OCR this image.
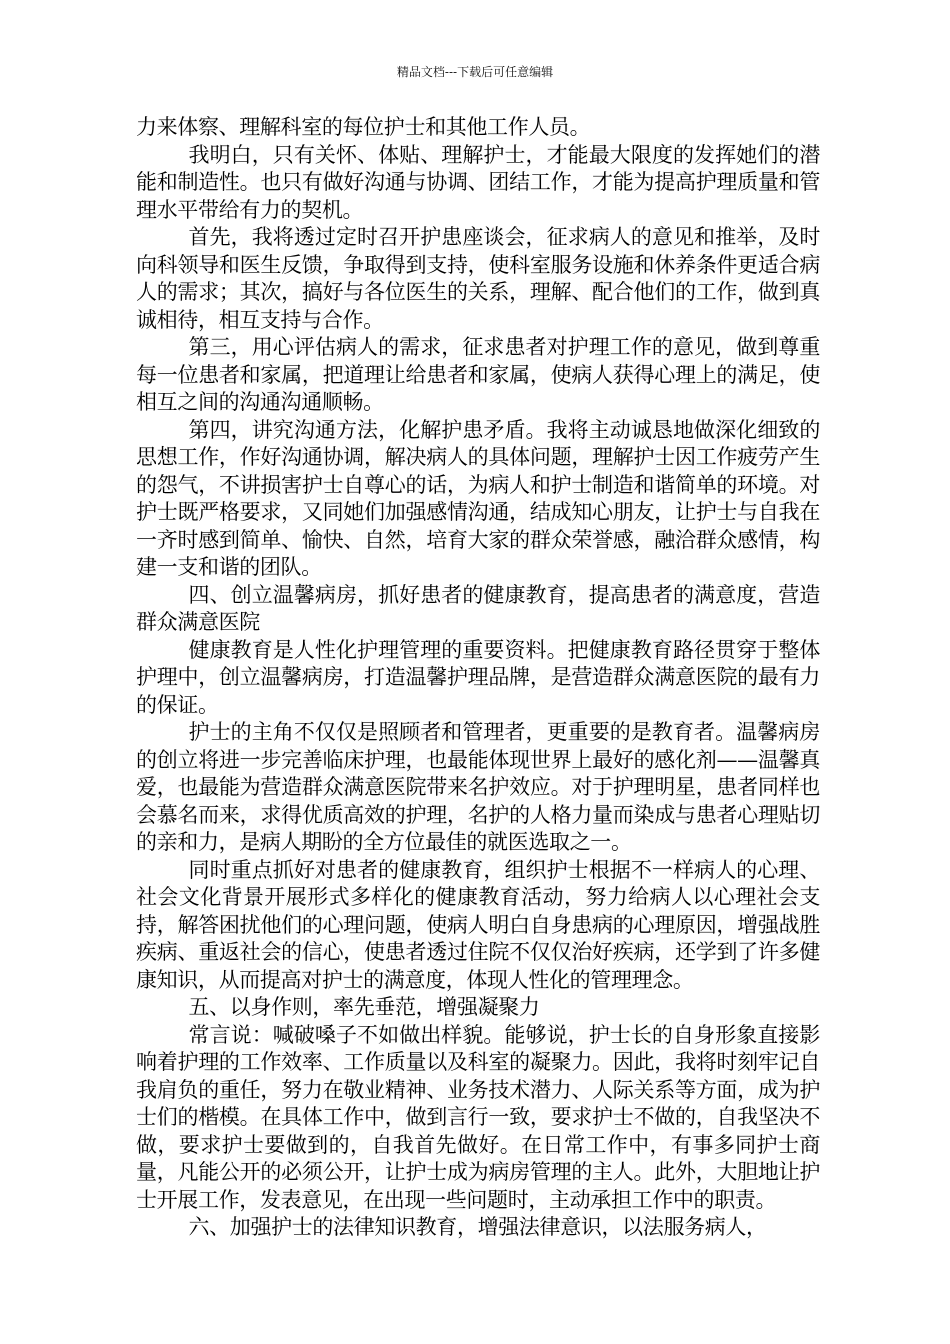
精品文档---下载后可任意编辑

力来体察、理解科室的每位护士和其他工作人员。

我明白，只有关怀、体贴、理解护士，才能最大限度的发挥她们的潜能和制造性。也只有做好沟通与协调、团结工作，才能为提高护理质量和管理水平带给有力的契机。

首先，我将透过定时召开护患座谈会，征求病人的意见和推举，及时向科领导和医生反馈，争取得到支持，使科室服务设施和休养条件更适合病人的需求；其次，搞好与各位医生的关系，理解、配合他们的工作，做到真诚相待，相互支持与合作。

第三，用心评估病人的需求，征求患者对护理工作的意见，做到尊重每一位患者和家属，把道理让给患者和家属，使病人获得心理上的满足，使相互之间的沟通沟通顺畅。

第四，讲究沟通方法，化解护患矛盾。我将主动诚恳地做深化细致的思想工作，作好沟通协调，解决病人的具体问题，理解护士因工作疲劳产生的怨气，不讲损害护士自尊心的话，为病人和护士制造和谐简单的环境。对护士既严格要求，又同她们加强感情沟通，结成知心朋友，让护士与自我在一齐时感到简单、愉快、自然，培育大家的群众荣誉感，融洽群众感情，构建一支和谐的团队。

四、创立温馨病房，抓好患者的健康教育，提高患者的满意度，营造群众满意医院

健康教育是人性化护理管理的重要资料。把健康教育路径贯穿于整体护理中，创立温馨病房，打造温馨护理品牌，是营造群众满意医院的最有力的保证。

护士的主角不仅仅是照顾者和管理者，更重要的是教育者。温馨病房的创立将进一步完善临床护理，也最能体现世界上最好的感化剂——温馨真爱，也最能为营造群众满意医院带来名护效应。对于护理明星，患者同样也会慕名而来，求得优质高效的护理，名护的人格力量而染成与患者心理贴切的亲和力，是病人期盼的全方位最佳的就医选取之一。

同时重点抓好对患者的健康教育，组织护士根据不一样病人的心理、社会文化背景开展形式多样化的健康教育活动，努力给病人以心理社会支持，解答困扰他们的心理问题，使病人明白自身患病的心理原因，增强战胜疾病、重返社会的信心，使患者透过住院不仅仅治好疾病，还学到了许多健康知识，从而提高对护士的满意度，体现人性化的管理理念。

五、以身作则，率先垂范，增强凝聚力

常言说：喊破嗓子不如做出样貌。能够说，护士长的自身形象直接影响着护理的工作效率、工作质量以及科室的凝聚力。因此，我将时刻牢记自我肩负的重任，努力在敬业精神、业务技术潜力、人际关系等方面，成为护士们的楷模。在具体工作中，做到言行一致，要求护士不做的，自我坚决不做，要求护士要做到的，自我首先做好。在日常工作中，有事多同护士商量，凡能公开的必须公开，让护士成为病房管理的主人。此外，大胆地让护士开展工作，发表意见，在出现一些问题时，主动承担工作中的职责。

六、加强护士的法律知识教育，增强法律意识，以法服务病人，
